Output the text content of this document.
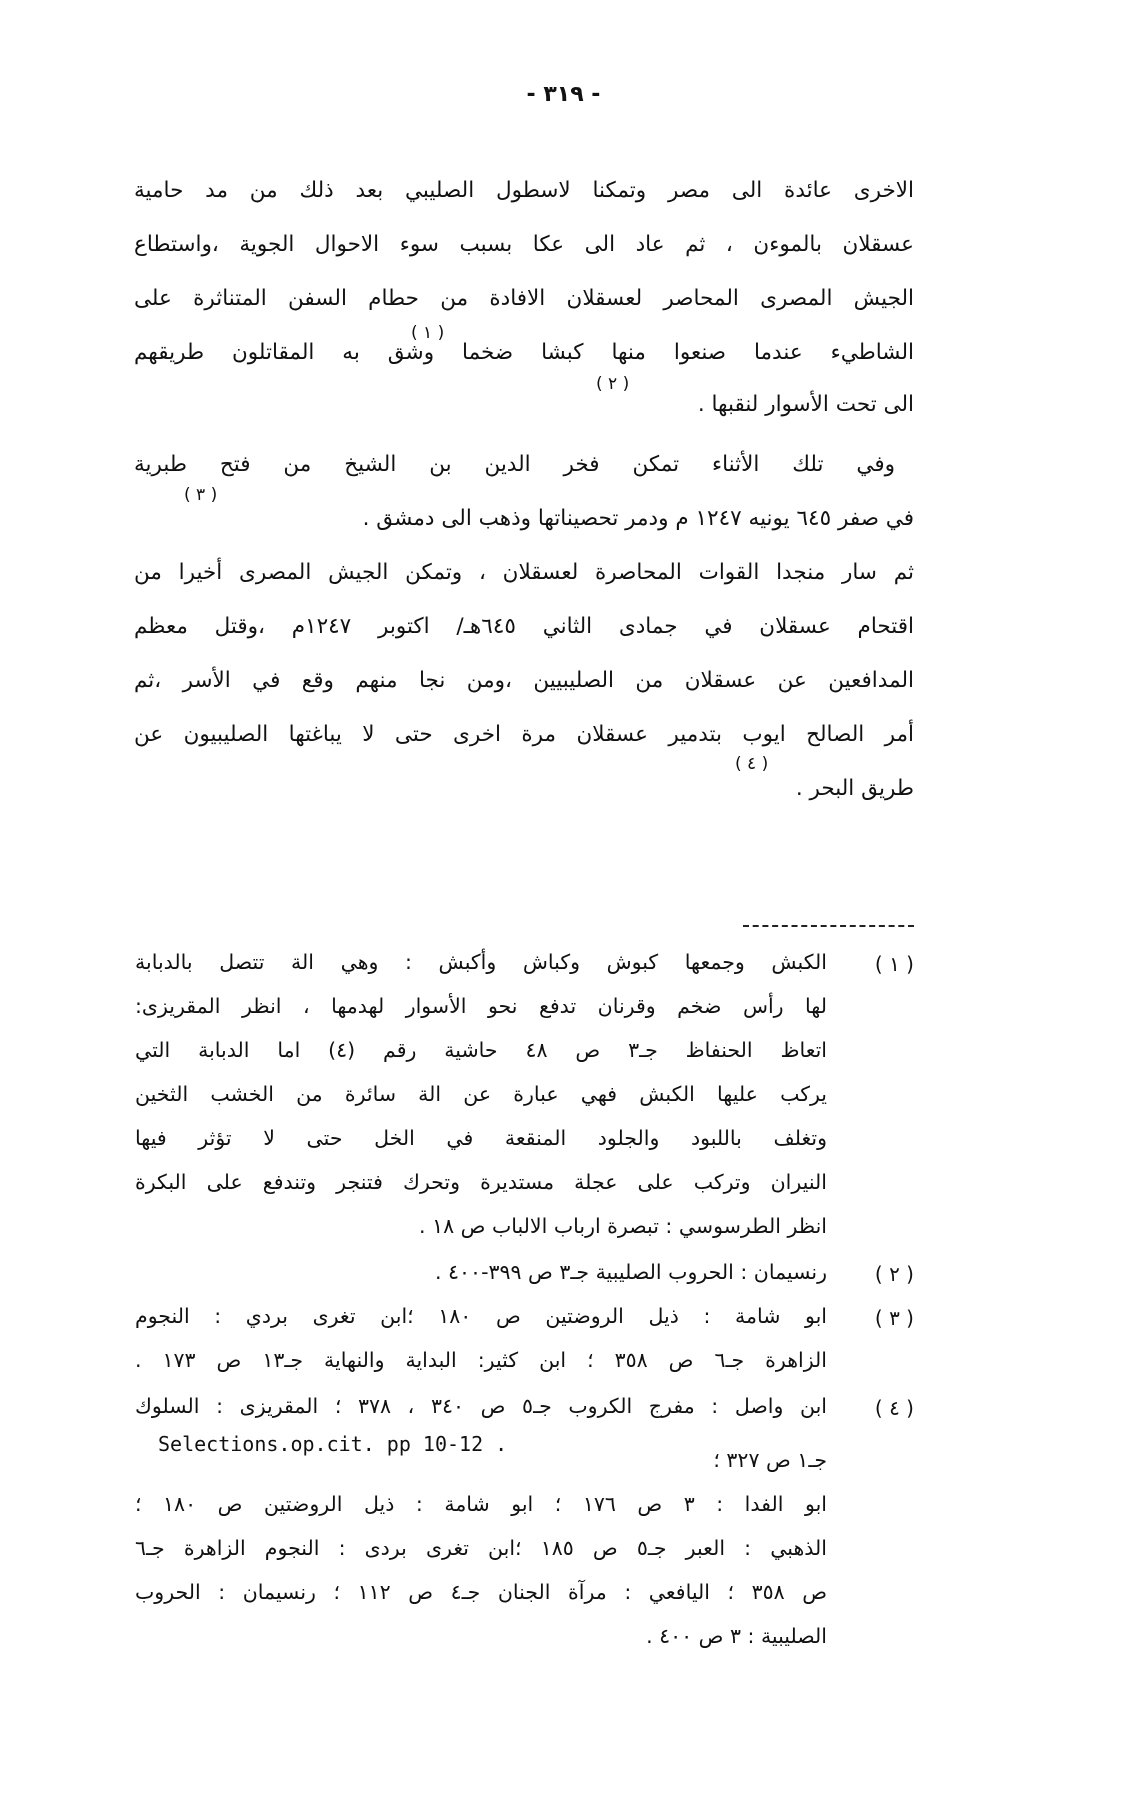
- ٣١٩ -
الاخرى عائدة الى مصر وتمكنا لاسطول الصليبي بعد ذلك من مد حامية
عسقلان بالموءن ، ثم عاد الى عكا بسبب سوء الاحوال الجوية ،واستطاع
الجيش المصرى المحاصر لعسقلان الافادة من حطام السفن المتناثرة على
الشاطيء عندما صنعوا منها كبشا ضخما وشق به المقاتلون طريقهم
( ١ )
الى تحت الأسوار لنقبها .
( ٢ )
وفي تلك الأثناء تمكن فخر الدين بن الشيخ من فتح طبرية
في صفر ٦٤٥ يونيه ١٢٤٧ م ودمر تحصيناتها وذهب الى دمشق .
( ٣ )
ثم سار منجدا القوات المحاصرة لعسقلان ، وتمكن الجيش المصرى أخيرا من
اقتحام عسقلان في جمادى الثاني ٦٤٥هـ/ اكتوبر ١٢٤٧م ،وقتل معظم
المدافعين عن عسقلان من الصليبيين ،ومن نجا منهم وقع في الأسر ،ثم
أمر الصالح ايوب بتدمير عسقلان مرة اخرى حتى لا يباغتها الصليبيون عن
طريق البحر .
( ٤ )
( ١ )
الكبش وجمعها كبوش وكباش وأكبش : وهي الة تتصل بالدبابة
لها رأس ضخم وقرنان تدفع نحو الأسوار لهدمها ، انظر المقريزى:
اتعاظ الحنفاظ جـ٣ ص ٤٨ حاشية رقم (٤) اما الدبابة التي
يركب عليها الكبش فهي عبارة عن الة سائرة من الخشب الثخين
وتغلف باللبود والجلود المنقعة في الخل حتى لا تؤثر فيها
النيران وتركب على عجلة مستديرة وتحرك فتنجر وتندفع على البكرة
انظر الطرسوسي : تبصرة ارباب الالباب ص ١٨ .
( ٢ )
رنسيمان : الحروب الصليبية جـ٣ ص ٣٩٩-٤٠٠ .
( ٣ )
ابو شامة : ذيل الروضتين ص ١٨٠ ؛ابن تغرى بردي : النجوم
الزاهرة جـ٦ ص ٣٥٨ ؛ ابن كثير: البداية والنهاية جـ١٣ ص ١٧٣ .
( ٤ )
ابن واصل : مفرج الكروب جـ٥ ص ٣٤٠ ، ٣٧٨ ؛ المقريزى : السلوك
Selections.op.cit. pp 10-12 .
جـ١ ص ٣٢٧ ؛
ابو الفدا : ٣ ص ١٧٦ ؛ ابو شامة : ذيل الروضتين ص ١٨٠ ؛
الذهبي : العبر جـ٥ ص ١٨٥ ؛ابن تغرى بردى : النجوم الزاهرة جـ٦
ص ٣٥٨ ؛ اليافعي : مرآة الجنان جـ٤ ص ١١٢ ؛ رنسيمان : الحروب
الصليبية : ٣ ص ٤٠٠ .
